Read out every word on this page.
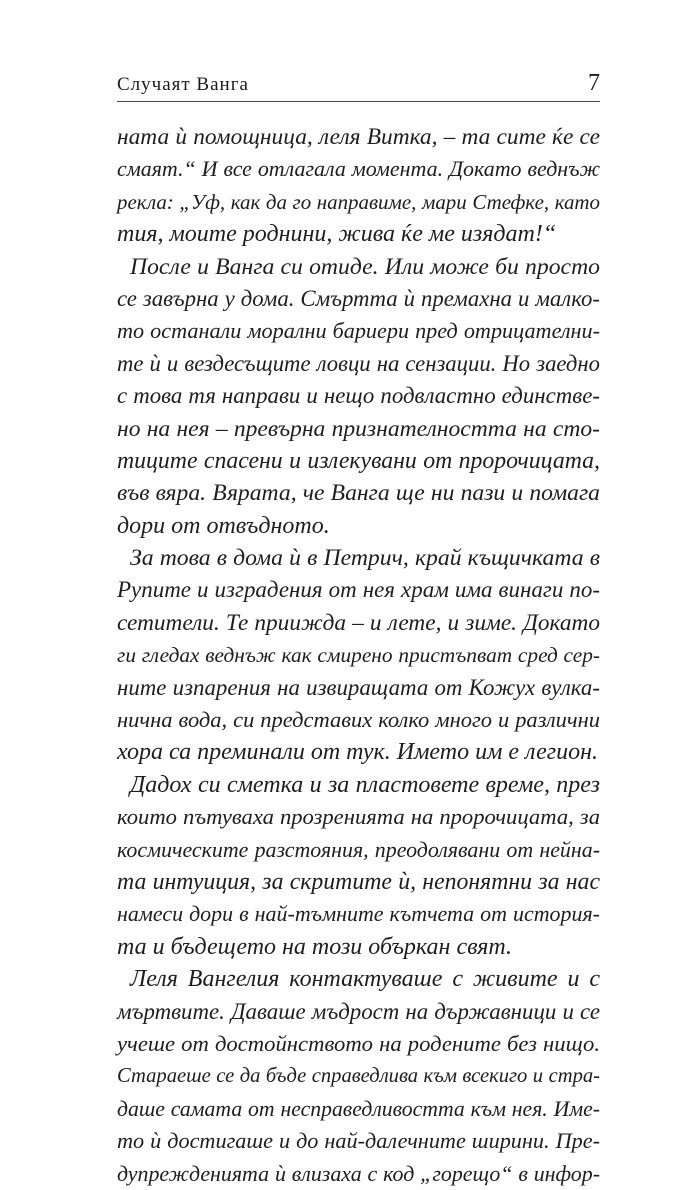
Случаят Ванга	7
ната ѝ помощница, леля Витка, – та сите ќе се
смаят.“ И все отлагала момента. Докато веднъж
рекла: „Уф, как да го направиме, мари Стефке, като
тия, моите роднини, жива ќе ме изядат!“
После и Ванга си отиде. Или може би просто
се завърна у дома. Смъртта ѝ премахна и малко-
то останали морални бариери пред отрицателни-
те ѝ и вездесъщите ловци на сензации. Но заедно
с това тя направи и нещо подвластно единстве-
но на нея – превърна признателността на сто-
тиците спасени и излекувани от пророчицата,
във вяра. Вярата, че Ванга ще ни пази и помага
дори от отвъдното.
За това в дома ѝ в Петрич, край къщичката в
Рупите и изградения от нея храм има винаги по-
сетители. Те приижда – и лете, и зиме. Докато
ги гледах веднъж как смирено пристъпват сред сер-
ните изпарения на извиращата от Кожух вулка-
нична вода, си представих колко много и различни
хора са преминали от тук. Името им е легион.
Дадох си сметка и за пластовете време, през
които пътуваха прозренията на пророчицата, за
космическите разстояния, преодолявани от нейна-
та интуиция, за скритите ѝ, непонятни за нас
намеси дори в най-тъмните кътчета от история-
та и бъдещето на този объркан свят.
Леля Вангелия контактуваше с живите и с
мъртвите. Даваше мъдрост на държавници и се
учеше от достойнството на родените без нищо.
Стараеше се да бъде справедлива към всекиго и стра-
даше самата от несправедливостта към нея. Име-
то ѝ достигаше и до най-далечните ширини. Пре-
дупрежденията ѝ влизаха с код „горещо“ в инфор-
